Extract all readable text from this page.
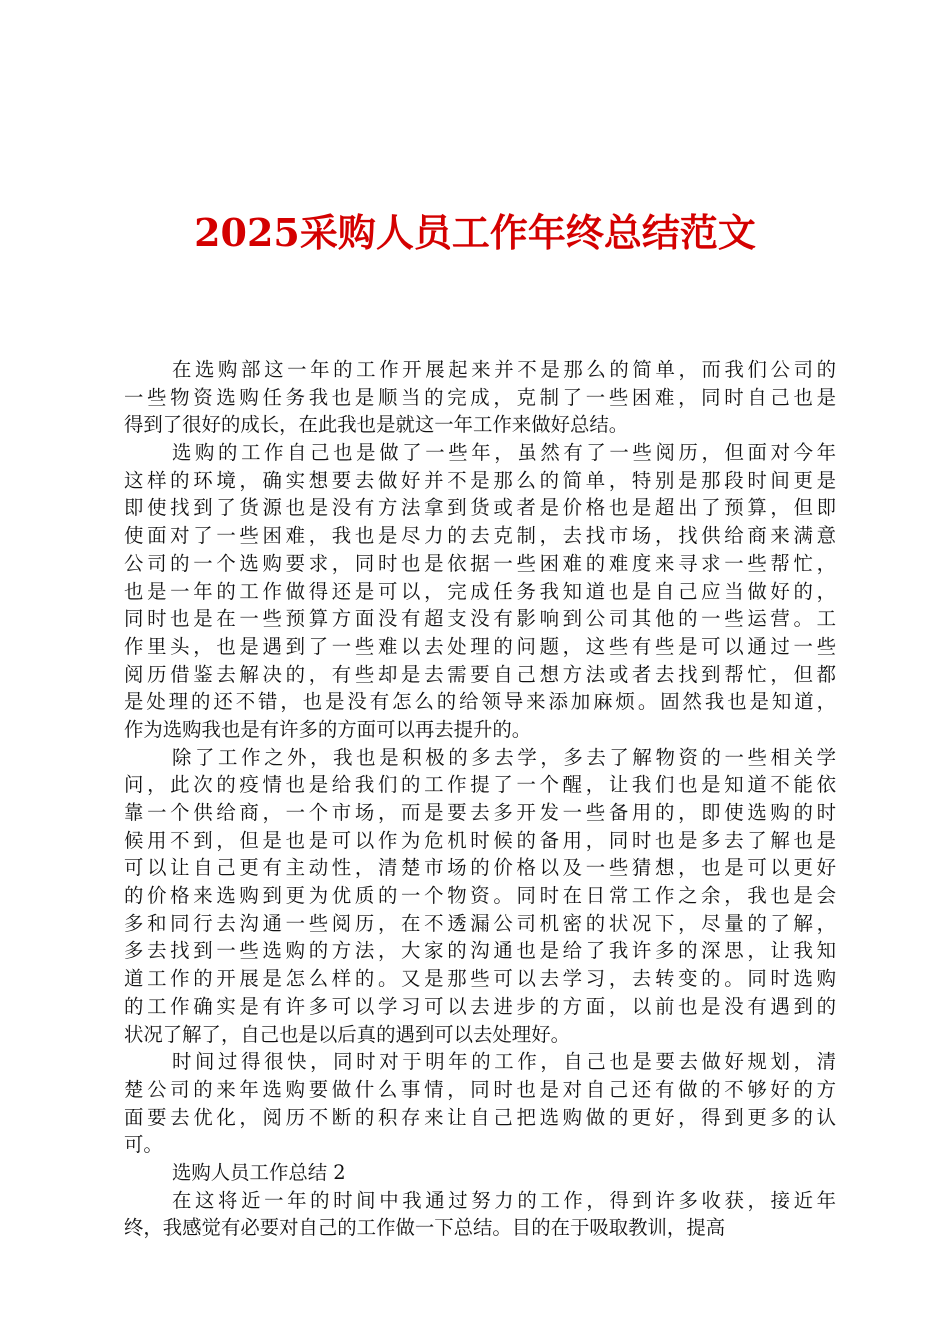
2025采购人员工作年终总结范文
在选购部这一年的工作开展起来并不是那么的简单，而我们公司的
一些物资选购任务我也是顺当的完成，克制了一些困难，同时自己也是
得到了很好的成长，在此我也是就这一年工作来做好总结。
选购的工作自己也是做了一些年，虽然有了一些阅历，但面对今年
这样的环境，确实想要去做好并不是那么的简单，特别是那段时间更是
即使找到了货源也是没有方法拿到货或者是价格也是超出了预算，但即
使面对了一些困难，我也是尽力的去克制，去找市场，找供给商来满意
公司的一个选购要求，同时也是依据一些困难的难度来寻求一些帮忙，
也是一年的工作做得还是可以，完成任务我知道也是自己应当做好的，
同时也是在一些预算方面没有超支没有影响到公司其他的一些运营。工
作里头，也是遇到了一些难以去处理的问题，这些有些是可以通过一些
阅历借鉴去解决的，有些却是去需要自己想方法或者去找到帮忙，但都
是处理的还不错，也是没有怎么的给领导来添加麻烦。固然我也是知道，
作为选购我也是有许多的方面可以再去提升的。
除了工作之外，我也是积极的多去学，多去了解物资的一些相关学
问，此次的疫情也是给我们的工作提了一个醒，让我们也是知道不能依
靠一个供给商，一个市场，而是要去多开发一些备用的，即使选购的时
候用不到，但是也是可以作为危机时候的备用，同时也是多去了解也是
可以让自己更有主动性，清楚市场的价格以及一些猜想，也是可以更好
的价格来选购到更为优质的一个物资。同时在日常工作之余，我也是会
多和同行去沟通一些阅历，在不透漏公司机密的状况下，尽量的了解，
多去找到一些选购的方法，大家的沟通也是给了我许多的深思，让我知
道工作的开展是怎么样的。又是那些可以去学习，去转变的。同时选购
的工作确实是有许多可以学习可以去进步的方面，以前也是没有遇到的
状况了解了，自己也是以后真的遇到可以去处理好。
时间过得很快，同时对于明年的工作，自己也是要去做好规划，清
楚公司的来年选购要做什么事情，同时也是对自己还有做的不够好的方
面要去优化，阅历不断的积存来让自己把选购做的更好，得到更多的认
可。
选购人员工作总结 2
在这将近一年的时间中我通过努力的工作，得到许多收获，接近年
终，我感觉有必要对自己的工作做一下总结。目的在于吸取教训，提高
